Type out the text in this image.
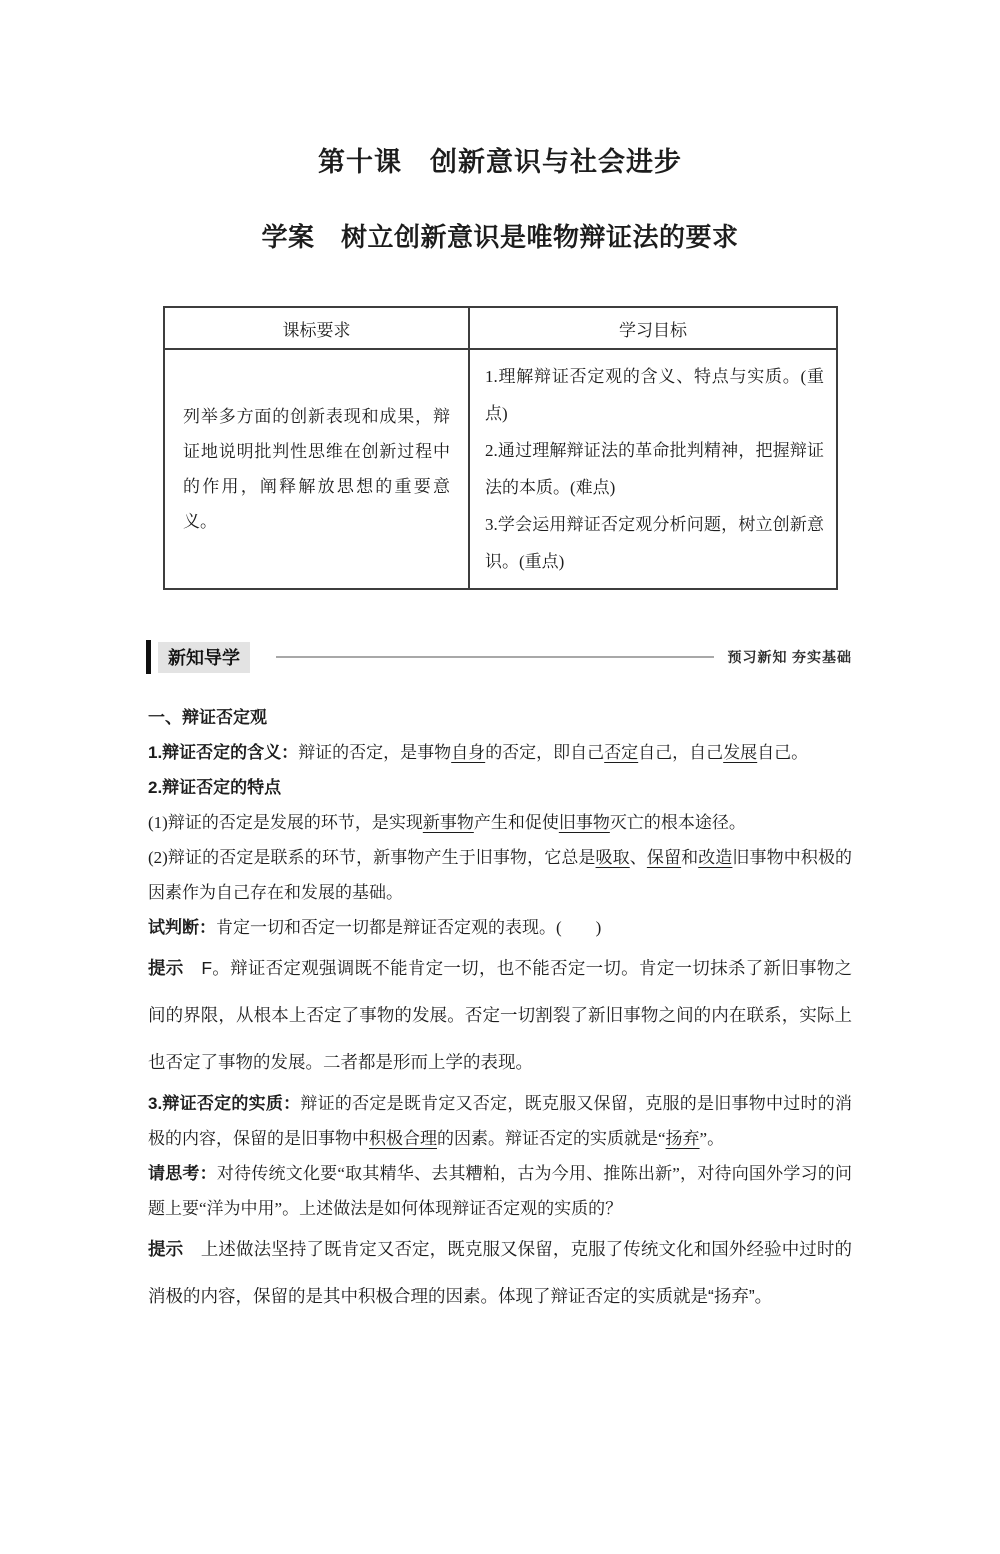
第十课　创新意识与社会进步
学案　树立创新意识是唯物辩证法的要求
课标要求	学习目标
列举多方面的创新表现和成果，辩证地说明批判性思维在创新过程中的作用，阐释解放思想的重要意义。	1.理解辩证否定观的含义、特点与实质。(重点)
2.通过理解辩证法的革命批判精神，把握辩证法的本质。(难点)
3.学会运用辩证否定观分析问题，树立创新意识。(重点)
新知导学	预习新知 夯实基础
一、辩证否定观
1.辩证否定的含义：辩证的否定，是事物自身的否定，即自己否定自己，自己发展自己。
2.辩证否定的特点
(1)辩证的否定是发展的环节，是实现新事物产生和促使旧事物灭亡的根本途径。
(2)辩证的否定是联系的环节，新事物产生于旧事物，它总是吸取、保留和改造旧事物中积极的因素作为自己存在和发展的基础。
试判断：肯定一切和否定一切都是辩证否定观的表现。(　　)
提示　F。辩证否定观强调既不能肯定一切，也不能否定一切。肯定一切抹杀了新旧事物之间的界限，从根本上否定了事物的发展。否定一切割裂了新旧事物之间的内在联系，实际上也否定了事物的发展。二者都是形而上学的表现。
3.辩证否定的实质：辩证的否定是既肯定又否定，既克服又保留，克服的是旧事物中过时的消极的内容，保留的是旧事物中积极合理的因素。辩证否定的实质就是“扬弃”。
请思考：对待传统文化要“取其精华、去其糟粕，古为今用、推陈出新”，对待向国外学习的问题上要“洋为中用”。上述做法是如何体现辩证否定观的实质的？
提示　上述做法坚持了既肯定又否定，既克服又保留，克服了传统文化和国外经验中过时的消极的内容，保留的是其中积极合理的因素。体现了辩证否定的实质就是“扬弃”。
